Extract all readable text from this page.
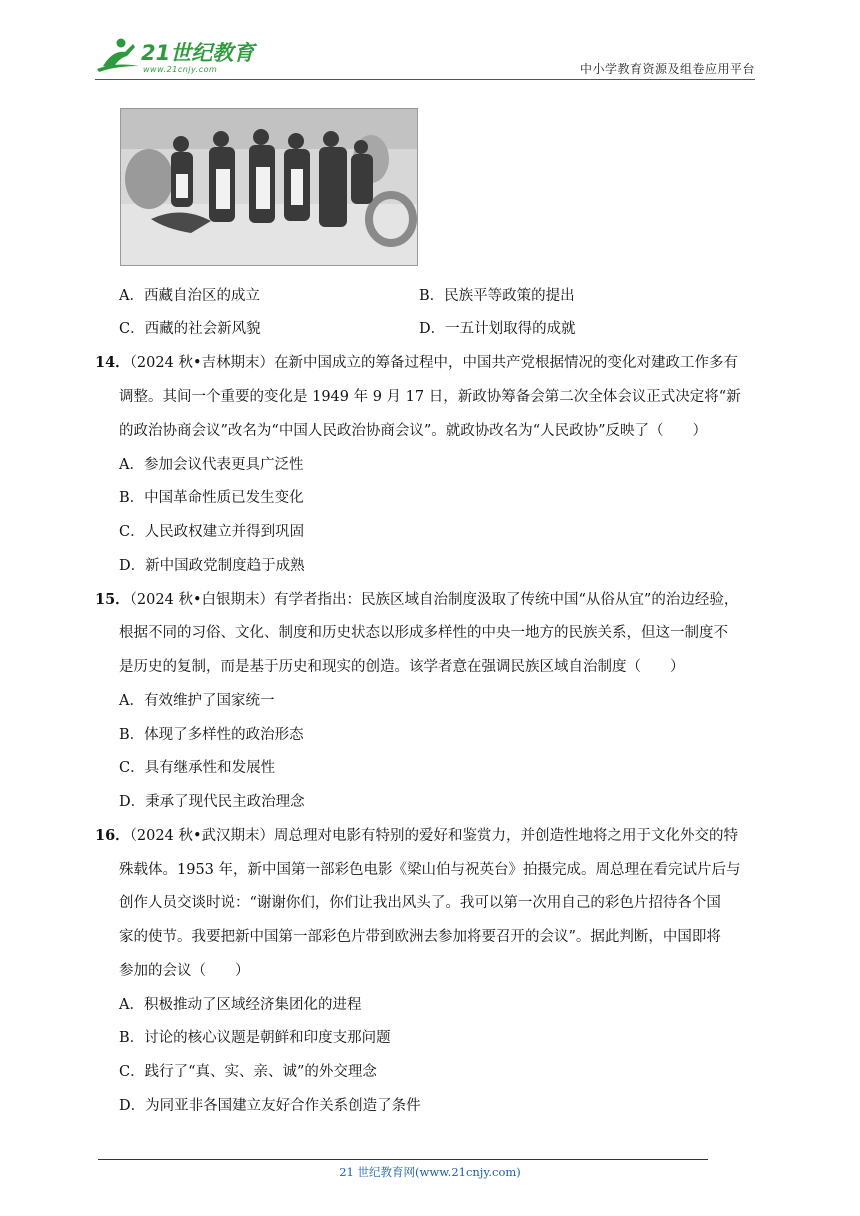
21世纪教育
www.21cnjy.com	中小学教育资源及组卷应用平台
A．西藏自治区的成立	B．民族平等政策的提出
C．西藏的社会新风貌	D．一五计划取得的成就
14．（2024 秋•吉林期末）在新中国成立的筹备过程中，中国共产党根据情况的变化对建政工作多有
调整。其间一个重要的变化是 1949 年 9 月 17 日，新政协筹备会第二次全体会议正式决定将“新
的政治协商会议”改名为“中国人民政治协商会议”。就政协改名为“人民政协”反映了（　　）
A．参加会议代表更具广泛性
B．中国革命性质已发生变化
C．人民政权建立并得到巩固
D．新中国政党制度趋于成熟
15．（2024 秋•白银期末）有学者指出：民族区域自治制度汲取了传统中国“从俗从宜”的治边经验，
根据不同的习俗、文化、制度和历史状态以形成多样性的中央一地方的民族关系，但这一制度不
是历史的复制，而是基于历史和现实的创造。该学者意在强调民族区域自治制度（　　）
A．有效维护了国家统一
B．体现了多样性的政治形态
C．具有继承性和发展性
D．秉承了现代民主政治理念
16．（2024 秋•武汉期末）周总理对电影有特别的爱好和鉴赏力，并创造性地将之用于文化外交的特
殊载体。1953 年，新中国第一部彩色电影《梁山伯与祝英台》拍摄完成。周总理在看完试片后与
创作人员交谈时说：“谢谢你们，你们让我出风头了。我可以第一次用自己的彩色片招待各个国
家的使节。我要把新中国第一部彩色片带到欧洲去参加将要召开的会议”。据此判断，中国即将
参加的会议（　　）
A．积极推动了区域经济集团化的进程
B．讨论的核心议题是朝鲜和印度支那问题
C．践行了“真、实、亲、诚”的外交理念
D．为同亚非各国建立友好合作关系创造了条件
21 世纪教育网(www.21cnjy.com)
